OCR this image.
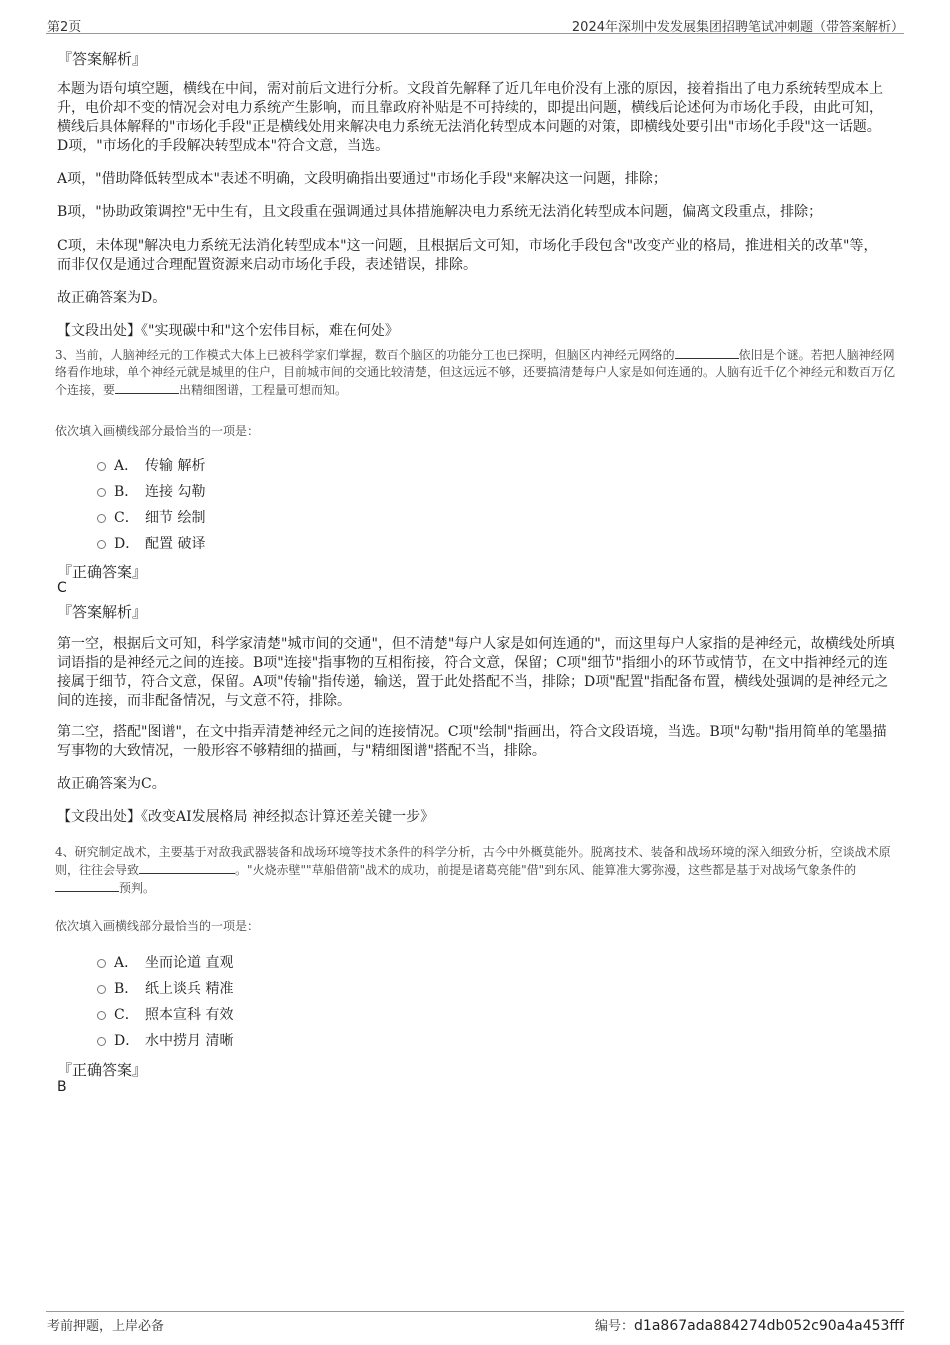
第2页	2024年深圳中发发展集团招聘笔试冲刺题（带答案解析）
『答案解析』
本题为语句填空题，横线在中间，需对前后文进行分析。文段首先解释了近几年电价没有上涨的原因，接着指出了电力系统转型成本上升，电价却不变的情况会对电力系统产生影响，而且靠政府补贴是不可持续的，即提出问题，横线后论述何为市场化手段，由此可知，横线后具体解释的"市场化手段"正是横线处用来解决电力系统无法消化转型成本问题的对策，即横线处要引出"市场化手段"这一话题。D项，"市场化的手段解决转型成本"符合文意，当选。
A项，"借助降低转型成本"表述不明确，文段明确指出要通过"市场化手段"来解决这一问题，排除；
B项，"协助政策调控"无中生有，且文段重在强调通过具体措施解决电力系统无法消化转型成本问题，偏离文段重点，排除；
C项，未体现"解决电力系统无法消化转型成本"这一问题，且根据后文可知，市场化手段包含"改变产业的格局，推进相关的改革"等，而非仅仅是通过合理配置资源来启动市场化手段，表述错误，排除。
故正确答案为D。
【文段出处】《"实现碳中和"这个宏伟目标，难在何处》
3、当前，人脑神经元的工作模式大体上已被科学家们掌握，数百个脑区的功能分工也已探明，但脑区内神经元网络的	依旧是个谜。若把人脑神经网络看作地球，单个神经元就是城里的住户，目前城市间的交通比较清楚，但这远远不够，还要搞清楚每户人家是如何连通的。人脑有近千亿个神经元和数百万亿个连接，要	出精细图谱，工程量可想而知。
依次填入画横线部分最恰当的一项是：
A． 传输 解析
B． 连接 勾勒
C． 细节 绘制
D． 配置 破译
『正确答案』
C
『答案解析』
第一空，根据后文可知，科学家清楚"城市间的交通"，但不清楚"每户人家是如何连通的"，而这里每户人家指的是神经元，故横线处所填词语指的是神经元之间的连接。B项"连接"指事物的互相衔接，符合文意，保留；C项"细节"指细小的环节或情节，在文中指神经元的连接属于细节，符合文意，保留。A项"传输"指传递，输送，置于此处搭配不当，排除；D项"配置"指配备布置，横线处强调的是神经元之间的连接，而非配备情况，与文意不符，排除。
第二空，搭配"图谱"，在文中指弄清楚神经元之间的连接情况。C项"绘制"指画出，符合文段语境，当选。B项"勾勒"指用简单的笔墨描写事物的大致情况，一般形容不够精细的描画，与"精细图谱"搭配不当，排除。
故正确答案为C。
【文段出处】《改变AI发展格局 神经拟态计算还差关键一步》
4、研究制定战术，主要基于对敌我武器装备和战场环境等技术条件的科学分析，古今中外概莫能外。脱离技术、装备和战场环境的深入细致分析，空谈战术原则，往往会导致	。"火烧赤壁""草船借箭"战术的成功，前提是诸葛亮能"借"到东风、能算准大雾弥漫，这些都是基于对战场气象条件的预判。
依次填入画横线部分最恰当的一项是：
A． 坐而论道 直观
B． 纸上谈兵 精准
C． 照本宣科 有效
D． 水中捞月 清晰
『正确答案』
B
考前押题，上岸必备	编号：d1a867ada884274db052c90a4a453fff
